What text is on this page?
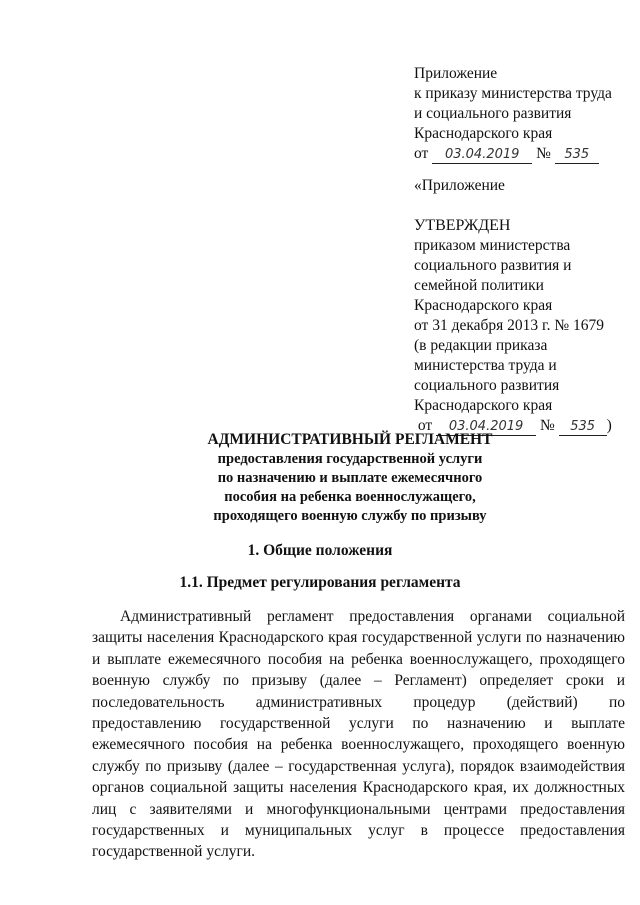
Приложение
к приказу министерства труда
и социального развития
Краснодарского края
от 03.04.2019 № 535
«Приложение
УТВЕРЖДЕН
приказом министерства
социального развития и
семейной политики
Краснодарского края
от 31 декабря 2013 г. № 1679
(в редакции приказа
министерства труда и
социального развития
Краснодарского края
от 03.04.2019 № 535 )
АДМИНИСТРАТИВНЫЙ РЕГЛАМЕНТ
предоставления государственной услуги
по назначению и выплате ежемесячного
пособия на ребенка военнослужащего,
проходящего военную службу по призыву
1. Общие положения
1.1. Предмет регулирования регламента
Административный регламент предоставления органами социальной защиты населения Краснодарского края государственной услуги по назначению и выплате ежемесячного пособия на ребенка военнослужащего, проходящего военную службу по призыву (далее – Регламент) определяет сроки и последовательность административных процедур (действий) по предоставлению государственной услуги по назначению и выплате ежемесячного пособия на ребенка военнослужащего, проходящего военную службу по призыву (далее – государственная услуга), порядок взаимодействия органов социальной защиты населения Краснодарского края, их должностных лиц с заявителями и многофункциональными центрами предоставления государственных и муниципальных услуг в процессе предоставления государственной услуги.
